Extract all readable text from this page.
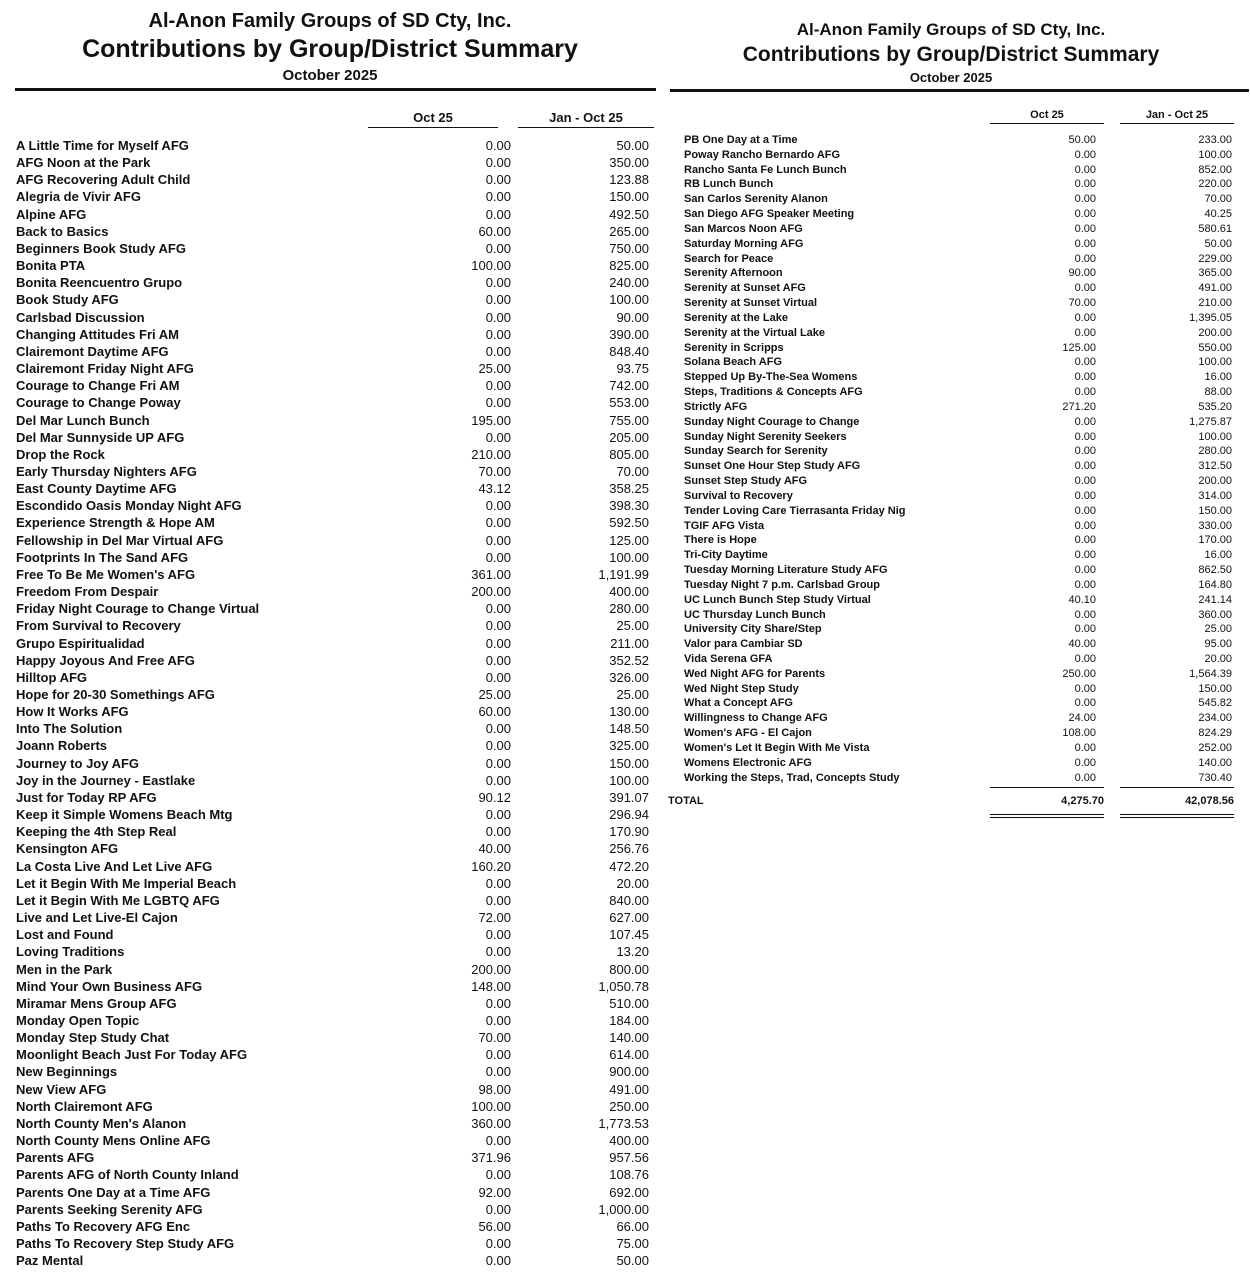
Al-Anon Family Groups of SD Cty, Inc.
Contributions by Group/District Summary
October 2025
Oct 25	Jan - Oct 25
A Little Time for Myself AFG	0.00	50.00
AFG Noon at the Park	0.00	350.00
AFG Recovering Adult Child	0.00	123.88
Alegria de Vivir AFG	0.00	150.00
Alpine AFG	0.00	492.50
Back to Basics	60.00	265.00
Beginners Book Study AFG	0.00	750.00
Bonita PTA	100.00	825.00
Bonita Reencuentro Grupo	0.00	240.00
Book Study AFG	0.00	100.00
Carlsbad Discussion	0.00	90.00
Changing Attitudes Fri AM	0.00	390.00
Clairemont Daytime AFG	0.00	848.40
Clairemont Friday Night AFG	25.00	93.75
Courage to Change Fri AM	0.00	742.00
Courage to Change Poway	0.00	553.00
Del Mar Lunch Bunch	195.00	755.00
Del Mar Sunnyside UP AFG	0.00	205.00
Drop the Rock	210.00	805.00
Early Thursday Nighters AFG	70.00	70.00
East County Daytime AFG	43.12	358.25
Escondido Oasis Monday Night AFG	0.00	398.30
Experience Strength & Hope AM	0.00	592.50
Fellowship in Del Mar Virtual AFG	0.00	125.00
Footprints In The Sand AFG	0.00	100.00
Free To Be Me Women's AFG	361.00	1,191.99
Freedom From Despair	200.00	400.00
Friday Night Courage to Change Virtual	0.00	280.00
From Survival to Recovery	0.00	25.00
Grupo Espiritualidad	0.00	211.00
Happy Joyous And Free AFG	0.00	352.52
Hilltop AFG	0.00	326.00
Hope for 20-30 Somethings AFG	25.00	25.00
How It Works AFG	60.00	130.00
Into The Solution	0.00	148.50
Joann Roberts	0.00	325.00
Journey to Joy AFG	0.00	150.00
Joy in the Journey - Eastlake	0.00	100.00
Just for Today RP AFG	90.12	391.07
Keep it Simple Womens Beach Mtg	0.00	296.94
Keeping the 4th Step Real	0.00	170.90
Kensington AFG	40.00	256.76
La Costa Live And Let Live AFG	160.20	472.20
Let it Begin With Me Imperial Beach	0.00	20.00
Let it Begin With Me LGBTQ AFG	0.00	840.00
Live and Let Live-El Cajon	72.00	627.00
Lost and Found	0.00	107.45
Loving Traditions	0.00	13.20
Men in the Park	200.00	800.00
Mind Your Own Business AFG	148.00	1,050.78
Miramar Mens Group AFG	0.00	510.00
Monday Open Topic	0.00	184.00
Monday Step Study Chat	70.00	140.00
Moonlight Beach Just For Today AFG	0.00	614.00
New Beginnings	0.00	900.00
New View AFG	98.00	491.00
North Clairemont AFG	100.00	250.00
North County Men's Alanon	360.00	1,773.53
North County Mens Online AFG	0.00	400.00
Parents AFG	371.96	957.56
Parents AFG of North County Inland	0.00	108.76
Parents One Day at a Time AFG	92.00	692.00
Parents Seeking Serenity AFG	0.00	1,000.00
Paths To Recovery AFG Enc	56.00	66.00
Paths To Recovery Step Study AFG	0.00	75.00
Paz Mental	0.00	50.00
Al-Anon Family Groups of SD Cty, Inc.
Contributions by Group/District Summary
October 2025
Oct 25	Jan - Oct 25
PB One Day at a Time	50.00	233.00
Poway Rancho Bernardo AFG	0.00	100.00
Rancho Santa Fe Lunch Bunch	0.00	852.00
RB Lunch Bunch	0.00	220.00
San Carlos Serenity Alanon	0.00	70.00
San Diego AFG Speaker Meeting	0.00	40.25
San Marcos Noon AFG	0.00	580.61
Saturday Morning AFG	0.00	50.00
Search for Peace	0.00	229.00
Serenity Afternoon	90.00	365.00
Serenity at Sunset AFG	0.00	491.00
Serenity at Sunset Virtual	70.00	210.00
Serenity at the Lake	0.00	1,395.05
Serenity at the Virtual Lake	0.00	200.00
Serenity in Scripps	125.00	550.00
Solana Beach AFG	0.00	100.00
Stepped Up By-The-Sea Womens	0.00	16.00
Steps, Traditions & Concepts AFG	0.00	88.00
Strictly AFG	271.20	535.20
Sunday Night Courage to Change	0.00	1,275.87
Sunday Night Serenity Seekers	0.00	100.00
Sunday Search for Serenity	0.00	280.00
Sunset One Hour Step Study AFG	0.00	312.50
Sunset Step Study AFG	0.00	200.00
Survival to Recovery	0.00	314.00
Tender Loving Care Tierrasanta Friday Nig	0.00	150.00
TGIF AFG Vista	0.00	330.00
There is Hope	0.00	170.00
Tri-City Daytime	0.00	16.00
Tuesday Morning Literature Study AFG	0.00	862.50
Tuesday Night 7 p.m. Carlsbad Group	0.00	164.80
UC Lunch Bunch Step Study Virtual	40.10	241.14
UC Thursday Lunch Bunch	0.00	360.00
University City Share/Step	0.00	25.00
Valor para Cambiar SD	40.00	95.00
Vida Serena GFA	0.00	20.00
Wed Night AFG for Parents	250.00	1,564.39
Wed Night Step Study	0.00	150.00
What a Concept AFG	0.00	545.82
Willingness to Change AFG	24.00	234.00
Women's AFG - El Cajon	108.00	824.29
Women's Let It Begin With Me Vista	0.00	252.00
Womens Electronic AFG	0.00	140.00
Working the Steps, Trad, Concepts Study	0.00	730.40
TOTAL	4,275.70	42,078.56
